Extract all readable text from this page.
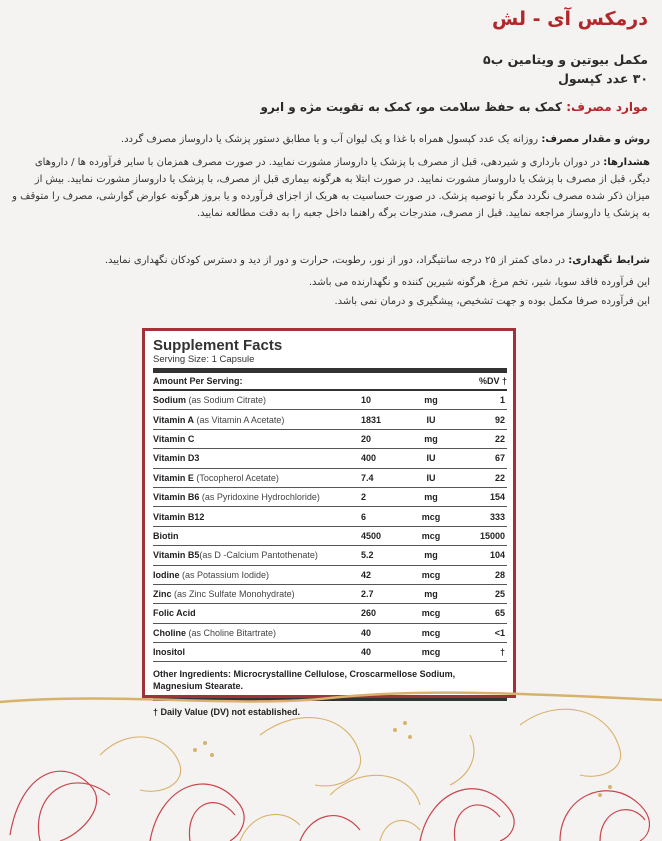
درمکس آی - لش
مکمل بیوتین و ویتامین ب۵
۳۰ عدد کپسول
موارد مصرف: کمک به حفظ سلامت مو، کمک به تقویت مژه و ابرو
روش و مقدار مصرف: روزانه یک عدد کپسول همراه با غذا و یک لیوان آب و یا مطابق دستور پزشک یا داروساز مصرف گردد.
هشدارها: در دوران بارداری و شیردهی، قبل از مصرف با پزشک یا داروساز مشورت نمایید. در صورت مصرف همزمان با سایر فرآورده ها / داروهای دیگر، قبل از مصرف با پزشک یا داروساز مشورت نمایید. در صورت ابتلا به هرگونه بیماری قبل از مصرف، با پزشک یا داروساز مشورت نمایید. بیش از میزان ذکر شده مصرف نگردد مگر با توصیه پزشک. در صورت حساسیت به هریک از اجزای فرآورده و یا بروز هرگونه عوارض گوارشی، مصرف را متوقف و به پزشک یا داروساز مراجعه نمایید. قبل از مصرف، مندرجات برگه راهنما داخل جعبه را به دقت مطالعه نمایید.
شرایط نگهداری: در دمای کمتر از ۲۵ درجه سانتیگراد، دور از نور، رطوبت، حرارت و دور از دید و دسترس کودکان نگهداری نمایید.
این فرآورده فاقد سویا، شیر، تخم مرغ، هرگونه شیرین کننده و نگهدارنده می باشد.
این فرآورده صرفا مکمل بوده و جهت تشخیص، پیشگیری و درمان نمی باشد.
Supplement Facts
Serving Size: 1 Capsule
Amount Per Serving:	%DV †
Sodium (as Sodium Citrate)	10	mg	1
Vitamin A (as Vitamin A Acetate)	1831	IU	92
Vitamin C	20	mg	22
Vitamin D3	400	IU	67
Vitamin E (Tocopherol Acetate)	7.4	IU	22
Vitamin B6 (as Pyridoxine Hydrochloride)	2	mg	154
Vitamin B12	6	mcg	333
Biotin	4500	mcg	15000
Vitamin B5(as D -Calcium Pantothenate)	5.2	mg	104
Iodine (as Potassium Iodide)	42	mcg	28
Zinc (as Zinc Sulfate Monohydrate)	2.7	mg	25
Folic Acid	260	mcg	65
Choline (as Choline Bitartrate)	40	mcg	<1
Inositol	40	mcg	†
Other Ingredients: Microcrystalline Cellulose, Croscarmellose Sodium, Magnesium Stearate.
† Daily Value (DV) not established.
